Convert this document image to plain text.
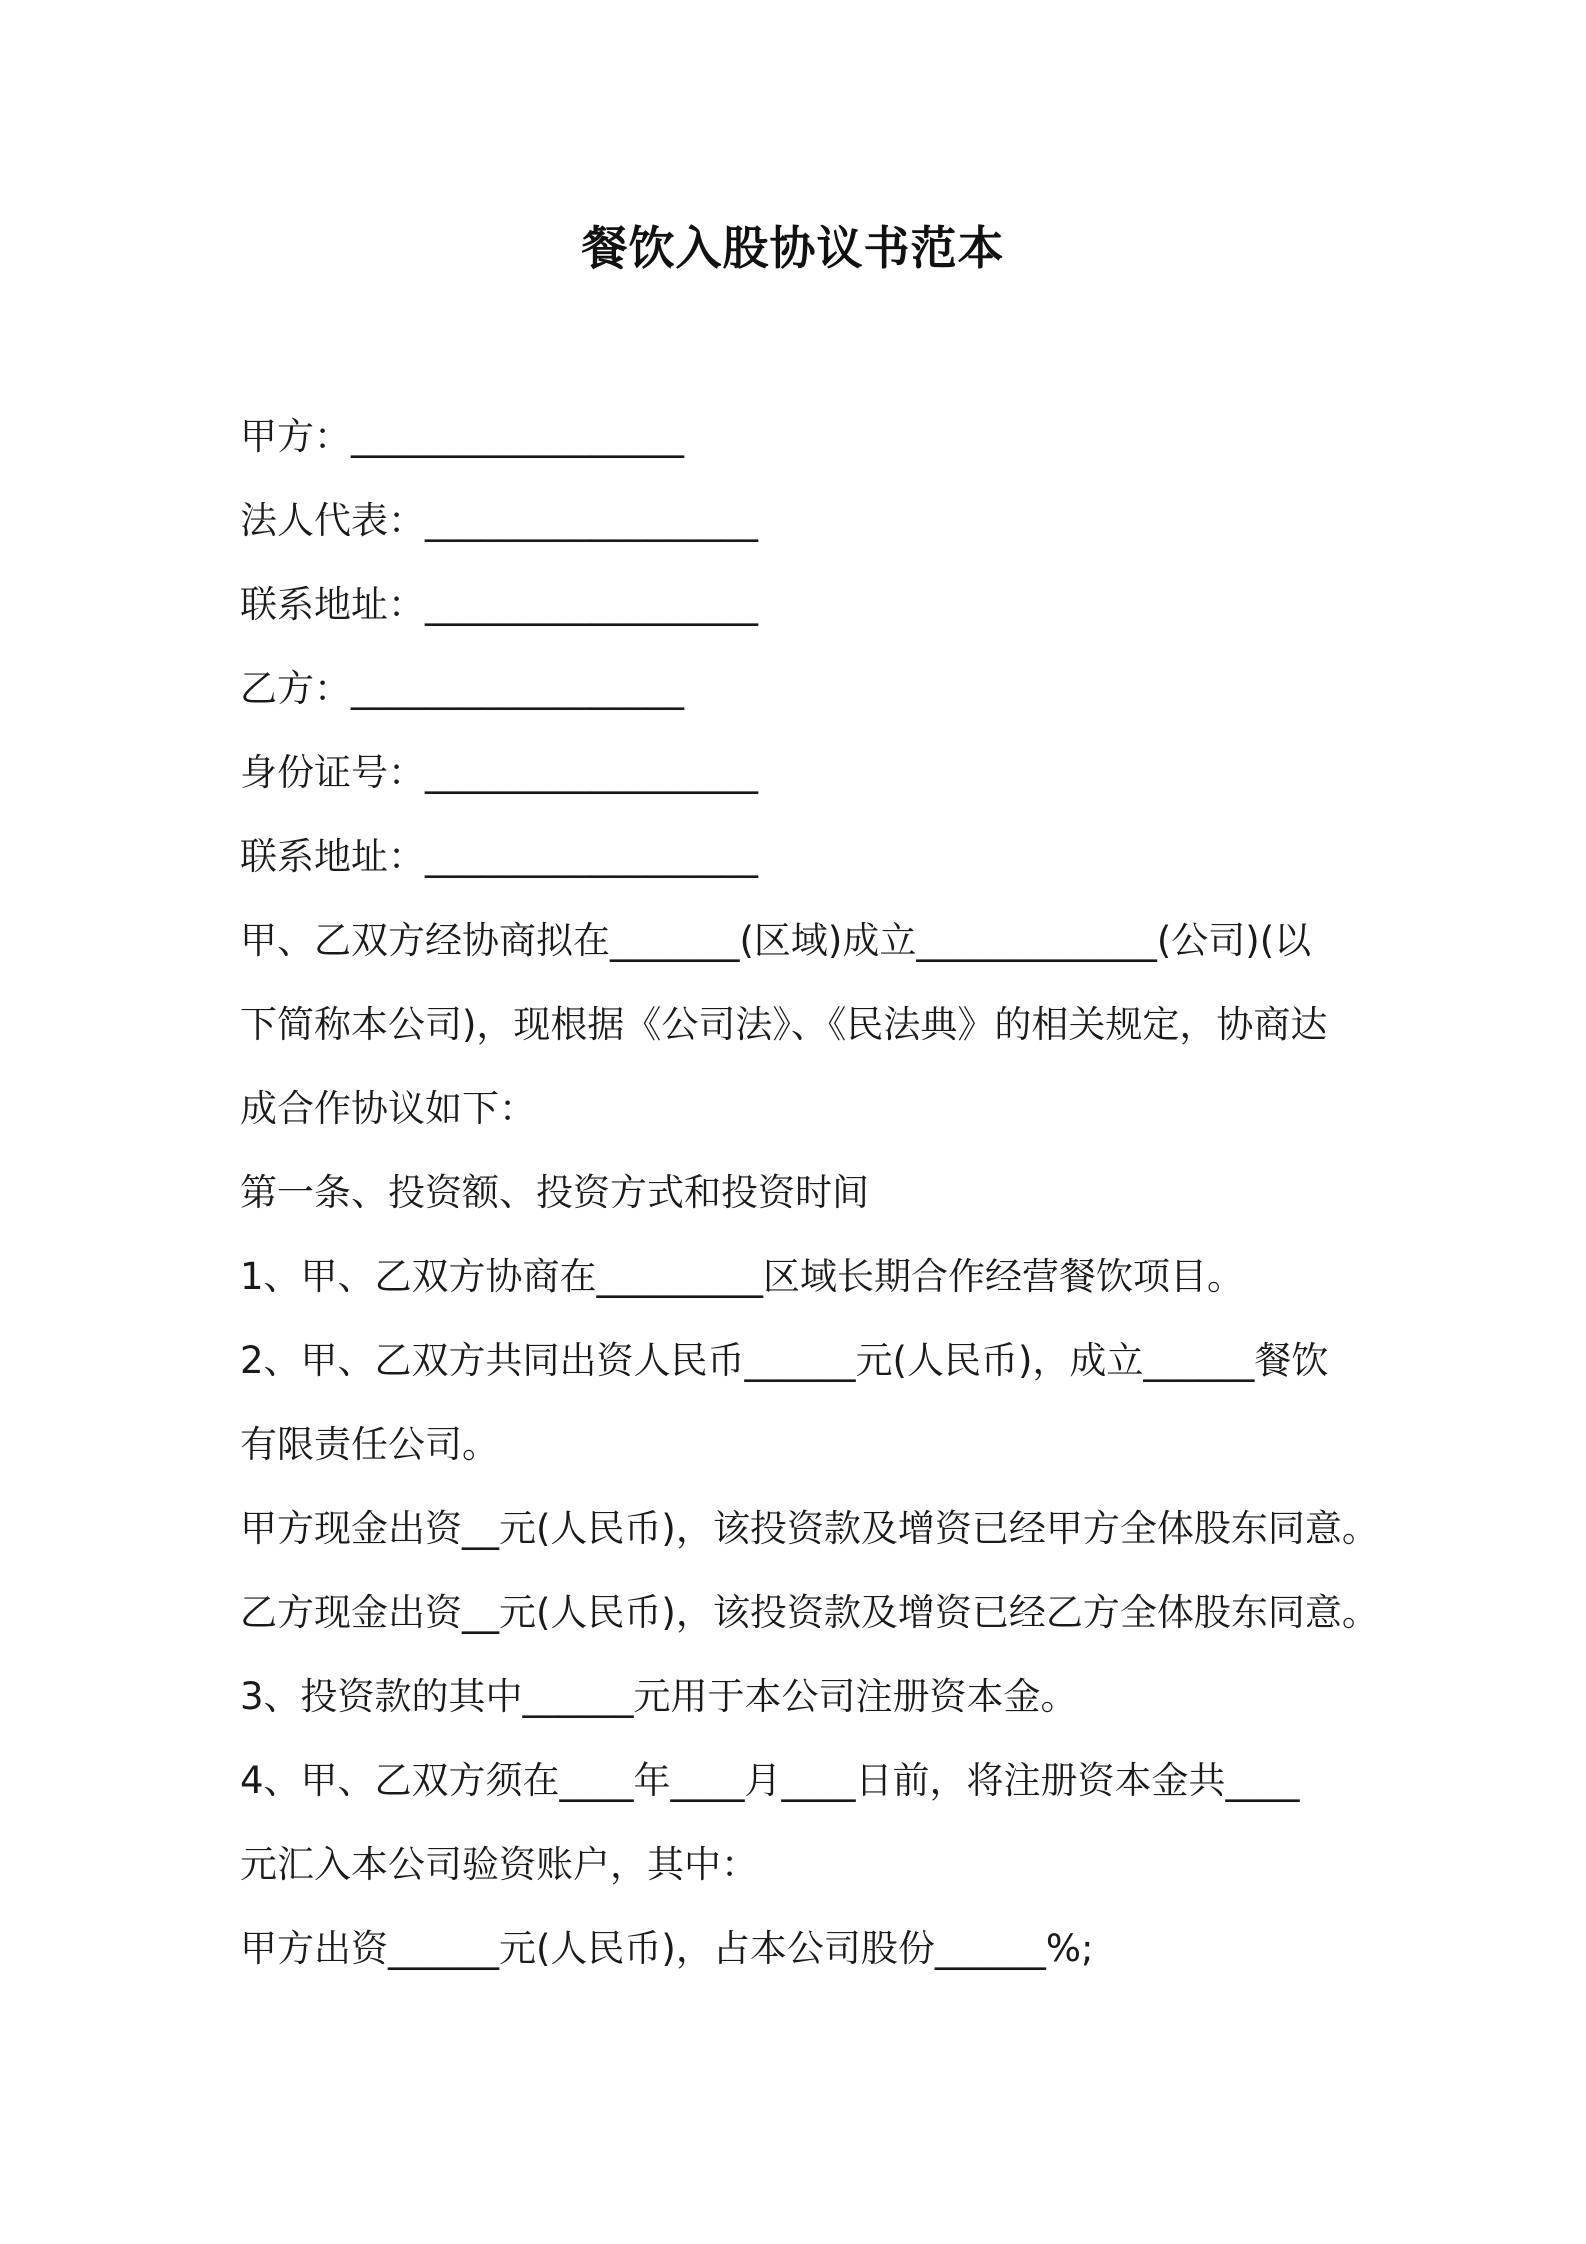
餐饮入股协议书范本
甲方：__________________
法人代表：__________________
联系地址：__________________
乙方：__________________
身份证号：__________________
联系地址：__________________
甲、乙双方经协商拟在_______(区域)成立_____________(公司)(以
下简称本公司)，现根据《公司法》、《民法典》的相关规定，协商达
成合作协议如下：
第一条、投资额、投资方式和投资时间
1、甲、乙双方协商在_________区域长期合作经营餐饮项目。
2、甲、乙双方共同出资人民币______元(人民币)，成立______餐饮
有限责任公司。
甲方现金出资__元(人民币)，该投资款及增资已经甲方全体股东同意。
乙方现金出资__元(人民币)，该投资款及增资已经乙方全体股东同意。
3、投资款的其中______元用于本公司注册资本金。
4、甲、乙双方须在____年____月____日前，将注册资本金共____
元汇入本公司验资账户，其中：
甲方出资______元(人民币)，占本公司股份______%;
